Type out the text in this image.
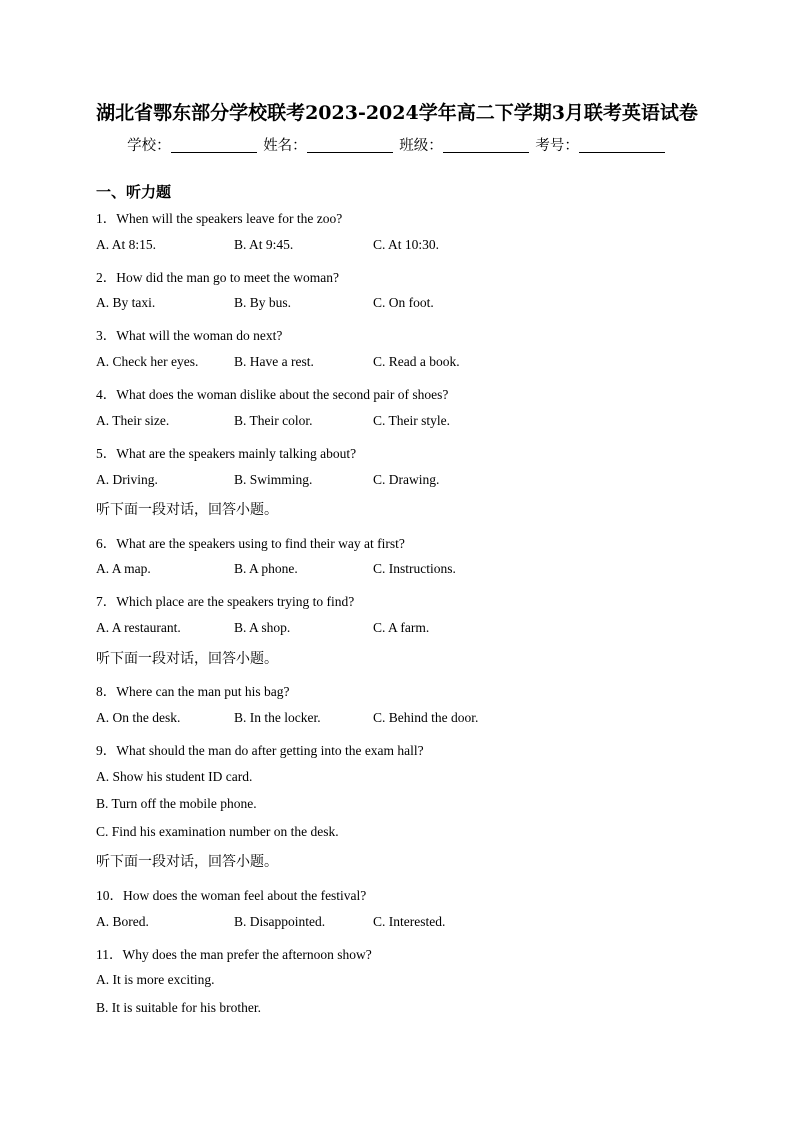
湖北省鄂东部分学校联考2023-2024学年高二下学期3月联考英语试卷
学校：	姓名：	班级：	考号：
一、听力题
1．When will the speakers leave for the zoo?
A. At 8:15.	B. At 9:45.	C. At 10:30.
2．How did the man go to meet the woman?
A. By taxi.	B. By bus.	C. On foot.
3．What will the woman do next?
A. Check her eyes.	B. Have a rest.	C. Read a book.
4．What does the woman dislike about the second pair of shoes?
A. Their size.	B. Their color.	C. Their style.
5．What are the speakers mainly talking about?
A. Driving.	B. Swimming.	C. Drawing.
听下面一段对话，回答小题。
6．What are the speakers using to find their way at first?
A. A map.	B. A phone.	C. Instructions.
7．Which place are the speakers trying to find?
A. A restaurant.	B. A shop.	C. A farm.
听下面一段对话，回答小题。
8．Where can the man put his bag?
A. On the desk.	B. In the locker.	C. Behind the door.
9．What should the man do after getting into the exam hall?
A. Show his student ID card.
B. Turn off the mobile phone.
C. Find his examination number on the desk.
听下面一段对话，回答小题。
10．How does the woman feel about the festival?
A. Bored.	B. Disappointed.	C. Interested.
11．Why does the man prefer the afternoon show?
A. It is more exciting.
B. It is suitable for his brother.
